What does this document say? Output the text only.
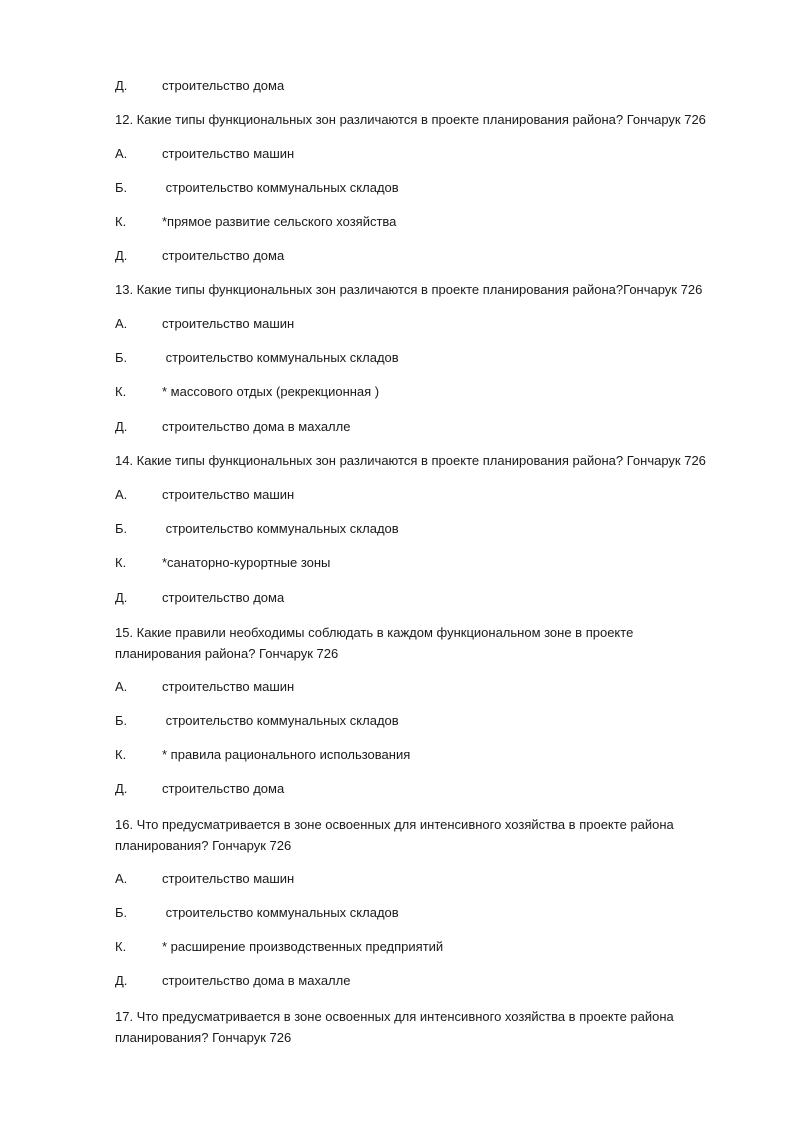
Д.	строительство дома
12. Какие типы функциональных зон различаются в проекте планирования района? Гончарук 726
А.	строительство машин
Б.	строительство коммунальных складов
К.	*прямое развитие сельского хозяйства
Д.	строительство дома
13. Какие типы функциональных зон различаются в проекте планирования района?Гончарук 726
А.	строительство машин
Б.	строительство коммунальных складов
К.	* массового отдых (рекрекционная )
Д.	строительство дома в махалле
14. Какие типы функциональных зон различаются в проекте планирования района? Гончарук 726
А.	строительство машин
Б.	строительство коммунальных складов
К.	*санаторно-курортные зоны
Д.	строительство дома
15. Какие правили необходимы соблюдать в каждом функциональном зоне в проекте планирования района? Гончарук 726
А.	строительство машин
Б.	строительство коммунальных складов
К.	* правила рационального использования
Д.	строительство дома
16. Что предусматривается в зоне освоенных для интенсивного хозяйства в проекте района планирования? Гончарук 726
А.	строительство машин
Б.	строительство коммунальных складов
К.	* расширение производственных предприятий
Д.	строительство дома в махалле
17. Что предусматривается в зоне освоенных для интенсивного хозяйства в проекте района планирования? Гончарук 726
